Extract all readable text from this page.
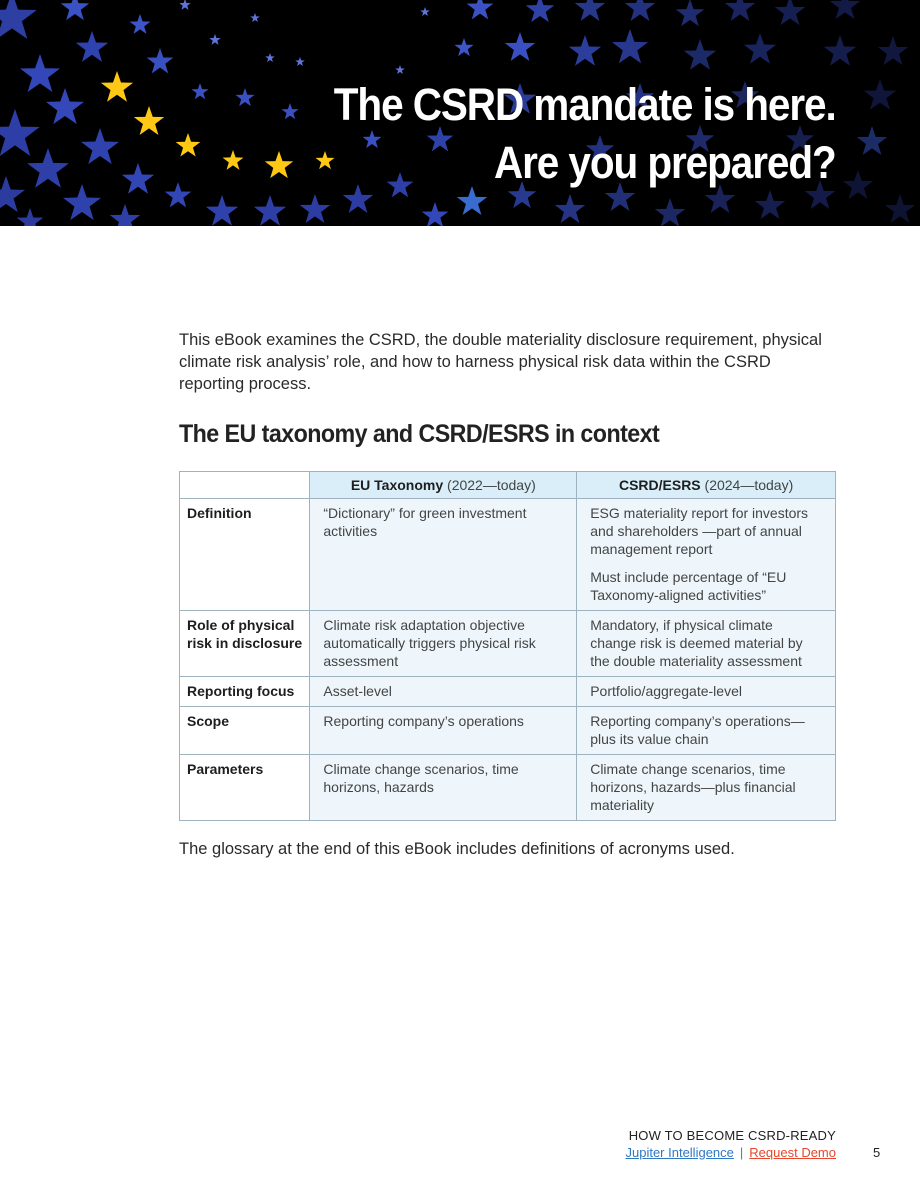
The CSRD mandate is here.
Are you prepared?

This eBook examines the CSRD, the double materiality disclosure requirement, physical climate risk analysis’ role, and how to harness physical risk data within the CSRD reporting process.

The EU taxonomy and CSRD/ESRS in context
	EU Taxonomy (2022—today)	CSRD/ESRS (2024—today)
Definition	“Dictionary” for green investment activities	ESG materiality report for investors and shareholders —part of annual management report

Must include percentage of “EU Taxonomy-aligned activities”

Role of physical risk in disclosure	Climate risk adaptation objective automatically triggers physical risk assessment	Mandatory, if physical climate change risk is deemed material by the double materiality assessment

Reporting focus	Asset-level	Portfolio/aggregate-level

Scope	Reporting company’s operations	Reporting company’s operations—plus its value chain

Parameters	Climate change scenarios, time horizons, hazards	Climate change scenarios, time horizons, hazards—plus financial materiality

The glossary at the end of this eBook includes definitions of acronyms used.

HOW TO BECOME CSRD-READY
Jupiter Intelligence | Request Demo	5
